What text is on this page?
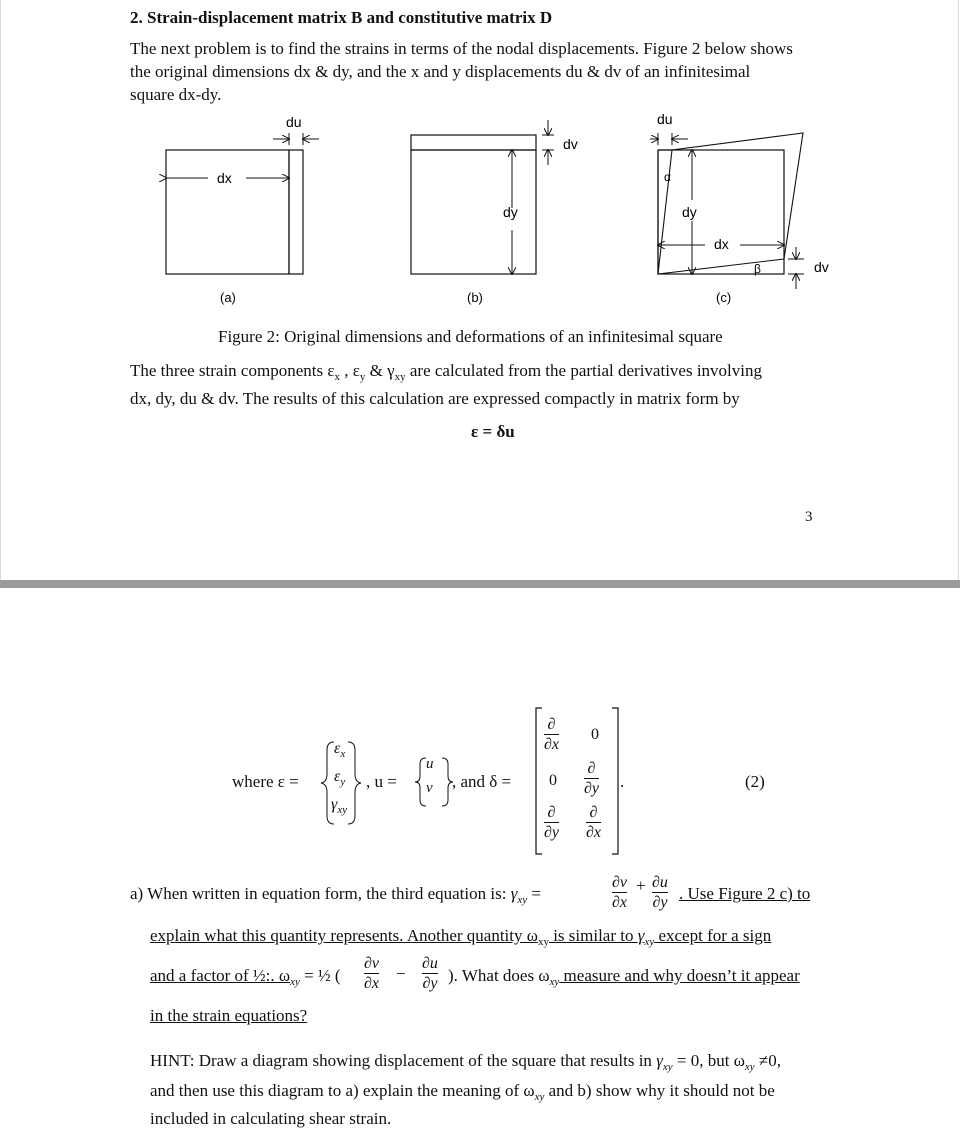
2. Strain-displacement matrix B and constitutive matrix D
The next problem is to find the strains in terms of the nodal displacements. Figure 2 below shows
the original dimensions dx & dy, and the x and y displacements du & dv of an infinitesimal
square dx-dy.
dx
du
(a)
dy
dv
(b)
dy
dx
du
α
β	dv
(c)
Figure 2: Original dimensions and deformations of an infinitesimal square
The three strain components $\varepsilon_x$ , $\varepsilon_y$ & $\gamma_{xy}$ are calculated from the partial derivatives involving
dx, dy, du & dv. The results of this calculation are expressed compactly in matrix form by
ε = δu
3
where ε =
$\varepsilon_x$
$\varepsilon_y$
$\gamma_{xy}$
, u =
u
v , and δ =
∂
∂x
0
0
∂
∂y
∂
∂y
∂
∂x
.	(2)
a) When written in equation form, the third equation is: $\gamma_{xy}$ =
∂v
∂x
+ ∂u
∂y . Use Figure 2 c) to
explain what this quantity represents. Another quantity $\omega_{xy}$ is similar to $\gamma_{xy}$ except for a sign
and a factor of ½:. $\omega_{xy}$ = ½ (
∂v
∂x
−
∂u
∂y ). What does $\omega_{xy}$ measure and why doesn’t it appear
in the strain equations?
HINT: Draw a diagram showing displacement of the square that results in $\gamma_{xy} = 0$, but $\omega_{xy} \ne 0$,
and then use this diagram to a) explain the meaning of $\omega_{xy}$ and b) show why it should not be
included in calculating shear strain.
